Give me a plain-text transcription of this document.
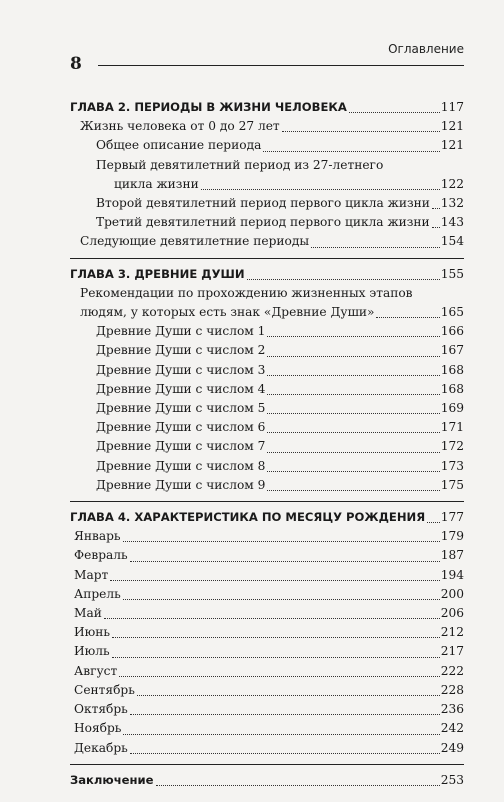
8
Оглавление
ГЛАВА 2. ПЕРИОДЫ В ЖИЗНИ ЧЕЛОВЕКА	117
Жизнь человека от 0 до 27 лет	121
Общее описание периода	121
Первый девятилетний период из 27-летнего
цикла жизни	122
Второй девятилетний период первого цикла жизни 132
Третий девятилетний период первого цикла жизни 143
Следующие девятилетние периоды	154
ГЛАВА 3. ДРЕВНИЕ ДУШИ	155
Рекомендации по прохождению жизненных этапов
людям, у которых есть знак «Древние Души»	165
Древние Души с числом 1	166
Древние Души с числом 2	167
Древние Души с числом 3	168
Древние Души с числом 4	168
Древние Души с числом 5	169
Древние Души с числом 6	171
Древние Души с числом 7	172
Древние Души с числом 8	173
Древние Души с числом 9	175
ГЛАВА 4. ХАРАКТЕРИСТИКА ПО МЕСЯЦУ РОЖДЕНИЯ 177
Январь	179
Февраль	187
Март	194
Апрель	200
Май	206
Июнь	212
Июль	217
Август	222
Сентябрь	228
Октябрь	236
Ноябрь	242
Декабрь	249
Заключение	253
